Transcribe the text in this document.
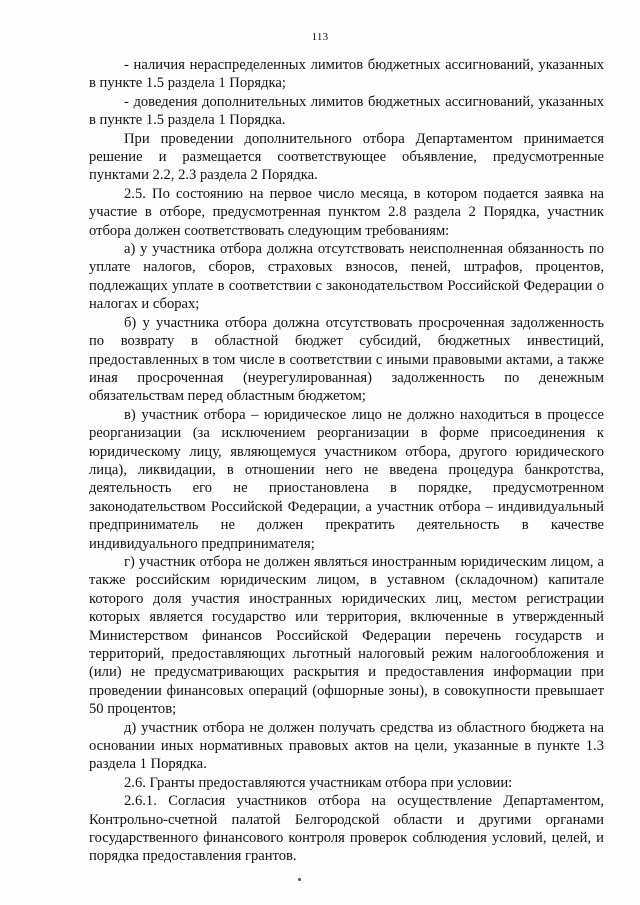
113

- наличия нераспределенных лимитов бюджетных ассигнований, указанных в пункте 1.5 раздела 1 Порядка;

- доведения дополнительных лимитов бюджетных ассигнований, указанных в пункте 1.5 раздела 1 Порядка.

При проведении дополнительного отбора Департаментом принимается решение и размещается соответствующее объявление, предусмотренные пунктами 2.2, 2.3 раздела 2 Порядка.

2.5. По состоянию на первое число месяца, в котором подается заявка на участие в отборе, предусмотренная пунктом 2.8 раздела 2 Порядка, участник отбора должен соответствовать следующим требованиям:

а) у участника отбора должна отсутствовать неисполненная обязанность по уплате налогов, сборов, страховых взносов, пеней, штрафов, процентов, подлежащих уплате в соответствии с законодательством Российской Федерации о налогах и сборах;

б) у участника отбора должна отсутствовать просроченная задолженность по возврату в областной бюджет субсидий, бюджетных инвестиций, предоставленных в том числе в соответствии с иными правовыми актами, а также иная просроченная (неурегулированная) задолженность по денежным обязательствам перед областным бюджетом;

в) участник отбора – юридическое лицо не должно находиться в процессе реорганизации (за исключением реорганизации в форме присоединения к юридическому лицу, являющемуся участником отбора, другого юридического лица), ликвидации, в отношении него не введена процедура банкротства, деятельность его не приостановлена в порядке, предусмотренном законодательством Российской Федерации, а участник отбора – индивидуальный предприниматель не должен прекратить деятельность в качестве индивидуального предпринимателя;

г) участник отбора не должен являться иностранным юридическим лицом, а также российским юридическим лицом, в уставном (складочном) капитале которого доля участия иностранных юридических лиц, местом регистрации которых является государство или территория, включенные в утвержденный Министерством финансов Российской Федерации перечень государств и территорий, предоставляющих льготный налоговый режим налогообложения и (или) не предусматривающих раскрытия и предоставления информации при проведении финансовых операций (офшорные зоны), в совокупности превышает 50 процентов;

д) участник отбора не должен получать средства из областного бюджета на основании иных нормативных правовых актов на цели, указанные в пункте 1.3 раздела 1 Порядка.

2.6. Гранты предоставляются участникам отбора при условии:

2.6.1. Согласия участников отбора на осуществление Департаментом, Контрольно-счетной палатой Белгородской области и другими органами государственного финансового контроля проверок соблюдения условий, целей, и порядка предоставления грантов.
